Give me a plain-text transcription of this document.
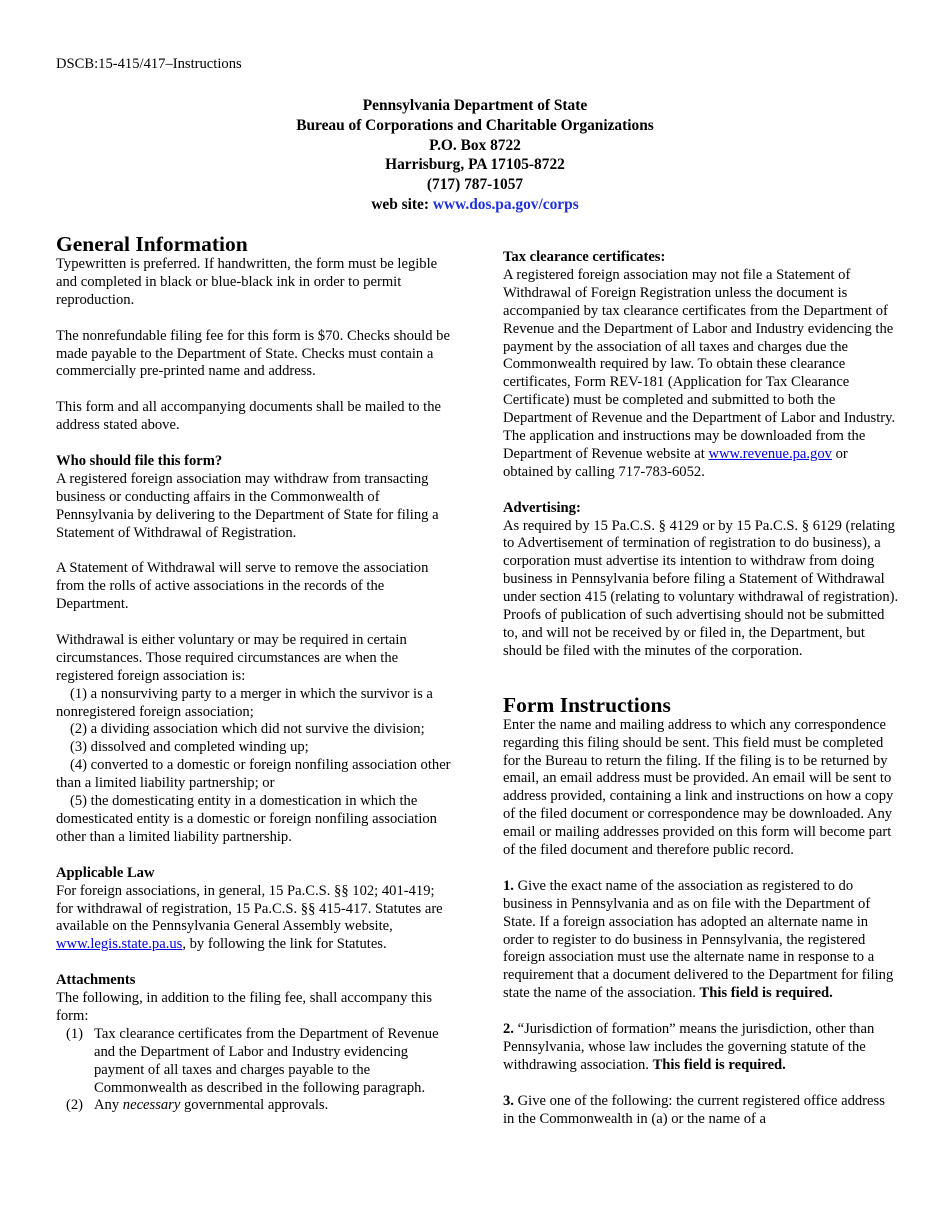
DSCB:15-415/417–Instructions
Pennsylvania Department of State
Bureau of Corporations and Charitable Organizations
P.O. Box 8722
Harrisburg, PA 17105-8722
(717) 787-1057
web site: www.dos.pa.gov/corps
General Information

Typewritten is preferred. If handwritten, the form must be legible and completed in black or blue-black ink in order to permit reproduction.

The nonrefundable filing fee for this form is $70. Checks should be made payable to the Department of State. Checks must contain a commercially pre-printed name and address.

This form and all accompanying documents shall be mailed to the address stated above.

Who should file this form?

A registered foreign association may withdraw from transacting business or conducting affairs in the Commonwealth of Pennsylvania by delivering to the Department of State for filing a Statement of Withdrawal of Registration.

A Statement of Withdrawal will serve to remove the association from the rolls of active associations in the records of the Department.

Withdrawal is either voluntary or may be required in certain circumstances. Those required circumstances are when the registered foreign association is:

(1) a nonsurviving party to a merger in which the survivor is a nonregistered foreign association;

(2) a dividing association which did not survive the division;

(3) dissolved and completed winding up;

(4) converted to a domestic or foreign nonfiling association other than a limited liability partnership; or

(5) the domesticating entity in a domestication in which the domesticated entity is a domestic or foreign nonfiling association other than a limited liability partnership.

Applicable Law

For foreign associations, in general, 15 Pa.C.S. §§ 102; 401-419; for withdrawal of registration, 15 Pa.C.S. §§ 415-417. Statutes are available on the Pennsylvania General Assembly website, www.legis.state.pa.us, by following the link for Statutes.

Attachments

The following, in addition to the filing fee, shall accompany this form:

(1) Tax clearance certificates from the Department of Revenue and the Department of Labor and Industry evidencing payment of all taxes and charges payable to the Commonwealth as described in the following paragraph.
(2) Any necessary governmental approvals.
Tax clearance certificates:

A registered foreign association may not file a Statement of Withdrawal of Foreign Registration unless the document is accompanied by tax clearance certificates from the Department of Revenue and the Department of Labor and Industry evidencing the payment by the association of all taxes and charges due the Commonwealth required by law. To obtain these clearance certificates, Form REV-181 (Application for Tax Clearance Certificate) must be completed and submitted to both the Department of Revenue and the Department of Labor and Industry. The application and instructions may be downloaded from the Department of Revenue website at www.revenue.pa.gov or obtained by calling 717-783-6052.

Advertising:

As required by 15 Pa.C.S. § 4129 or by 15 Pa.C.S. § 6129 (relating to Advertisement of termination of registration to do business), a corporation must advertise its intention to withdraw from doing business in Pennsylvania before filing a Statement of Withdrawal under section 415 (relating to voluntary withdrawal of registration). Proofs of publication of such advertising should not be submitted to, and will not be received by or filed in, the Department, but should be filed with the minutes of the corporation.

Form Instructions

Enter the name and mailing address to which any correspondence regarding this filing should be sent. This field must be completed for the Bureau to return the filing. If the filing is to be returned by email, an email address must be provided. An email will be sent to address provided, containing a link and instructions on how a copy of the filed document or correspondence may be downloaded. Any email or mailing addresses provided on this form will become part of the filed document and therefore public record.

1. Give the exact name of the association as registered to do business in Pennsylvania and as on file with the Department of State. If a foreign association has adopted an alternate name in order to register to do business in Pennsylvania, the registered foreign association must use the alternate name in response to a requirement that a document delivered to the Department for filing state the name of the association. This field is required.

2. “Jurisdiction of formation” means the jurisdiction, other than Pennsylvania, whose law includes the governing statute of the withdrawing association. This field is required.

3. Give one of the following: the current registered office address in the Commonwealth in (a) or the name of a
